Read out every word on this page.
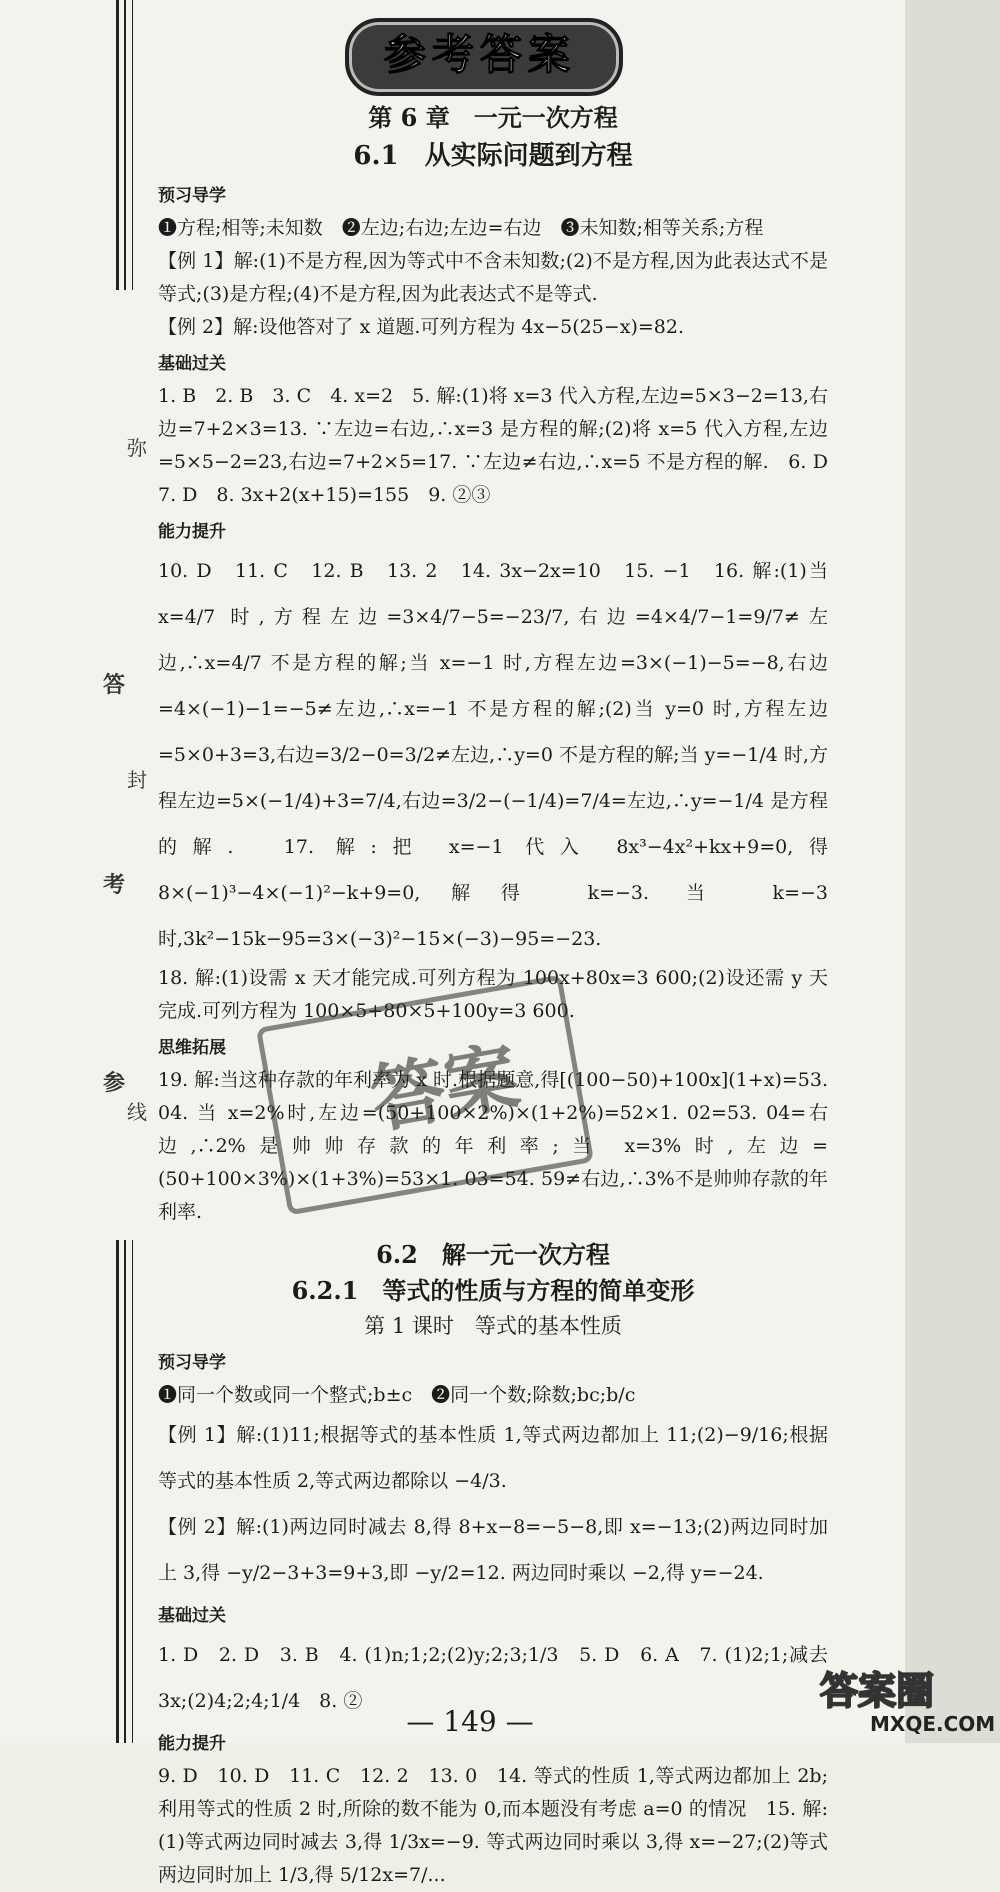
弥
答
封
考
参
线
参考答案
第 6 章　一元一次方程
6.1　从实际问题到方程
预习导学

❶方程;相等;未知数　❷左边;右边;左边=右边　❸未知数;相等关系;方程

【例 1】解:(1)不是方程,因为等式中不含未知数;(2)不是方程,因为此表达式不是等式;(3)是方程;(4)不是方程,因为此表达式不是等式.

【例 2】解:设他答对了 x 道题.可列方程为 4x−5(25−x)=82.

基础过关

1. B　2. B　3. C　4. x=2　5. 解:(1)将 x=3 代入方程,左边=5×3−2=13,右边=7+2×3=13. ∵左边=右边,∴x=3 是方程的解;(2)将 x=5 代入方程,左边=5×5−2=23,右边=7+2×5=17. ∵左边≠右边,∴x=5 不是方程的解.　6. D　7. D　8. 3x+2(x+15)=155　9. ②③

能力提升

10. D　11. C　12. B　13. 2　14. 3x−2x=10　15. −1　16. 解:(1)当 x=4/7 时,方程左边=3×4/7−5=−23/7,右边=4×4/7−1=9/7≠左边,∴x=4/7 不是方程的解;当 x=−1 时,方程左边=3×(−1)−5=−8,右边=4×(−1)−1=−5≠左边,∴x=−1 不是方程的解;(2)当 y=0 时,方程左边=5×0+3=3,右边=3/2−0=3/2≠左边,∴y=0 不是方程的解;当 y=−1/4 时,方程左边=5×(−1/4)+3=7/4,右边=3/2−(−1/4)=7/4=左边,∴y=−1/4 是方程的解.　17. 解:把 x=−1 代入 8x³−4x²+kx+9=0,得 8×(−1)³−4×(−1)²−k+9=0,解得 k=−3. 当 k=−3 时,3k²−15k−95=3×(−3)²−15×(−3)−95=−23.

18. 解:(1)设需 x 天才能完成.可列方程为 100x+80x=3 600;(2)设还需 y 天完成.可列方程为 100×5+80×5+100y=3 600.

思维拓展

19. 解:当这种存款的年利率为 x 时.根据题意,得[(100−50)+100x](1+x)=53. 04. 当 x=2%时,左边=(50+100×2%)×(1+2%)=52×1. 02=53. 04=右边,∴2%是帅帅存款的年利率;当 x=3%时,左边=(50+100×3%)×(1+3%)=53×1. 03=54. 59≠右边,∴3%不是帅帅存款的年利率.

6.2　解一元一次方程
6.2.1　等式的性质与方程的简单变形
第 1 课时　等式的基本性质
预习导学

❶同一个数或同一个整式;b±c　❷同一个数;除数;bc;b/c

【例 1】解:(1)11;根据等式的基本性质 1,等式两边都加上 11;(2)−9/16;根据等式的基本性质 2,等式两边都除以 −4/3.

【例 2】解:(1)两边同时减去 8,得 8+x−8=−5−8,即 x=−13;(2)两边同时加上 3,得 −y/2−3+3=9+3,即 −y/2=12. 两边同时乘以 −2,得 y=−24.

基础过关

1. D　2. D　3. B　4. (1)n;1;2;(2)y;2;3;1/3　5. D　6. A　7. (1)2;1;减去 3x;(2)4;2;4;1/4　8. ②

能力提升

9. D　10. D　11. C　12. 2　13. 0　14. 等式的性质 1,等式两边都加上 2b;利用等式的性质 2 时,所除的数不能为 0,而本题没有考虑 a=0 的情况　15. 解:(1)等式两边同时减去 3,得 1/3x=−9. 等式两边同时乘以 3,得 x=−27;(2)等式两边同时加上 1/3,得 5/12x=7/...

答案
— 149 —
答案圈
MXQE.COM
